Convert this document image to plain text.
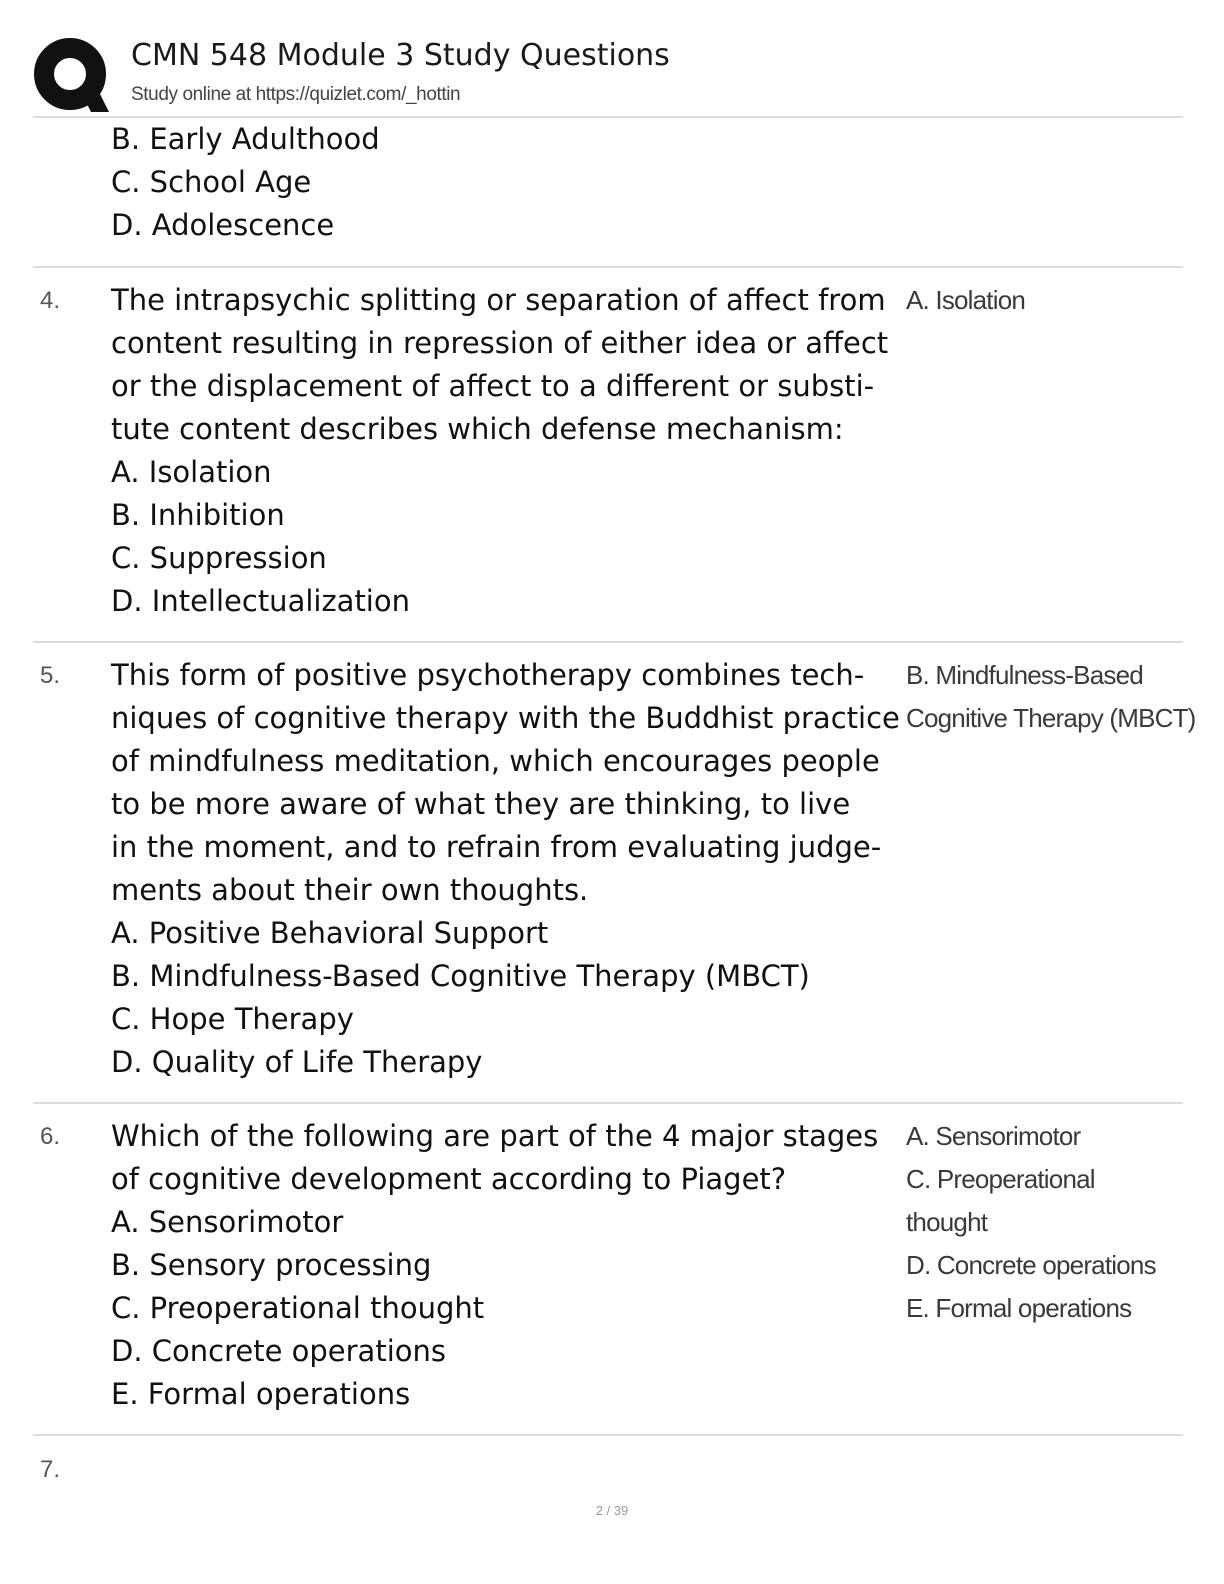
CMN 548 Module 3 Study Questions
Study online at https://quizlet.com/_hottin
B. Early Adulthood
C. School Age
D. Adolescence
4. The intrapsychic splitting or separation of affect from
content resulting in repression of either idea or affect
or the displacement of affect to a different or substi-
tute content describes which defense mechanism:
A. Isolation
B. Inhibition
C. Suppression
D. Intellectualization
A. Isolation
5. This form of positive psychotherapy combines tech-
niques of cognitive therapy with the Buddhist practice
of mindfulness meditation, which encourages people
to be more aware of what they are thinking, to live
in the moment, and to refrain from evaluating judge-
ments about their own thoughts.
A. Positive Behavioral Support
B. Mindfulness-Based Cognitive Therapy (MBCT)
C. Hope Therapy
D. Quality of Life Therapy
B. Mindfulness-Based
Cognitive Therapy (MBCT)
6. Which of the following are part of the 4 major stages
of cognitive development according to Piaget?
A. Sensorimotor
B. Sensory processing
C. Preoperational thought
D. Concrete operations
E. Formal operations
A. Sensorimotor
C. Preoperational
thought
D. Concrete operations
E. Formal operations
7.
2 / 39
